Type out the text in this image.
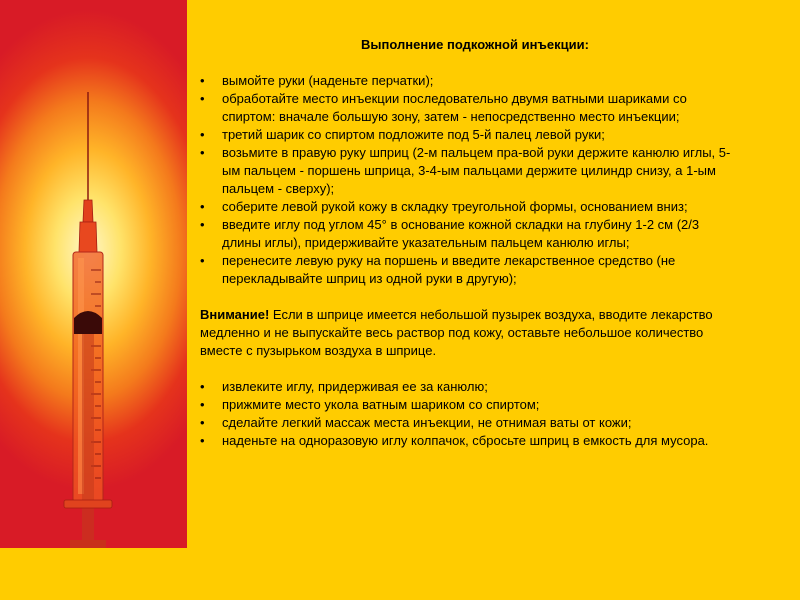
Выполнение подкожной инъекции:
• вымойте руки (наденьте перчатки);
• обработайте место инъекции последовательно двумя ватными шариками со спиртом: вначале большую зону, затем - непосредственно место инъекции;
• третий шарик со спиртом подложите под 5-й палец левой руки;
• возьмите в правую руку шприц (2-м пальцем пра-вой руки держите канюлю иглы, 5-ым пальцем - поршень шприца, 3-4-ым пальцами держите цилиндр снизу, а 1-ым пальцем - сверху);
• соберите левой рукой кожу в складку треугольной формы, основанием вниз;
• введите иглу под углом 45° в основание кожной складки на глубину 1-2 см (2/3 длины иглы), придерживайте указательным пальцем канюлю иглы;
• перенесите левую руку на поршень и введите лекарственное средство (не перекладывайте шприц из одной руки в другую);
Внимание! Если в шприце имеется небольшой пузырек воздуха, вводите лекарство медленно и не выпускайте весь раствор под кожу, оставьте небольшое количество вместе с пузырьком воздуха в шприце.
• извлеките иглу, придерживая ее за канюлю;
• прижмите место укола ватным шариком со спиртом;
• сделайте легкий массаж места инъекции, не отнимая ваты от кожи;
• наденьте на одноразовую иглу колпачок, сбросьте шприц в емкость для мусора.
